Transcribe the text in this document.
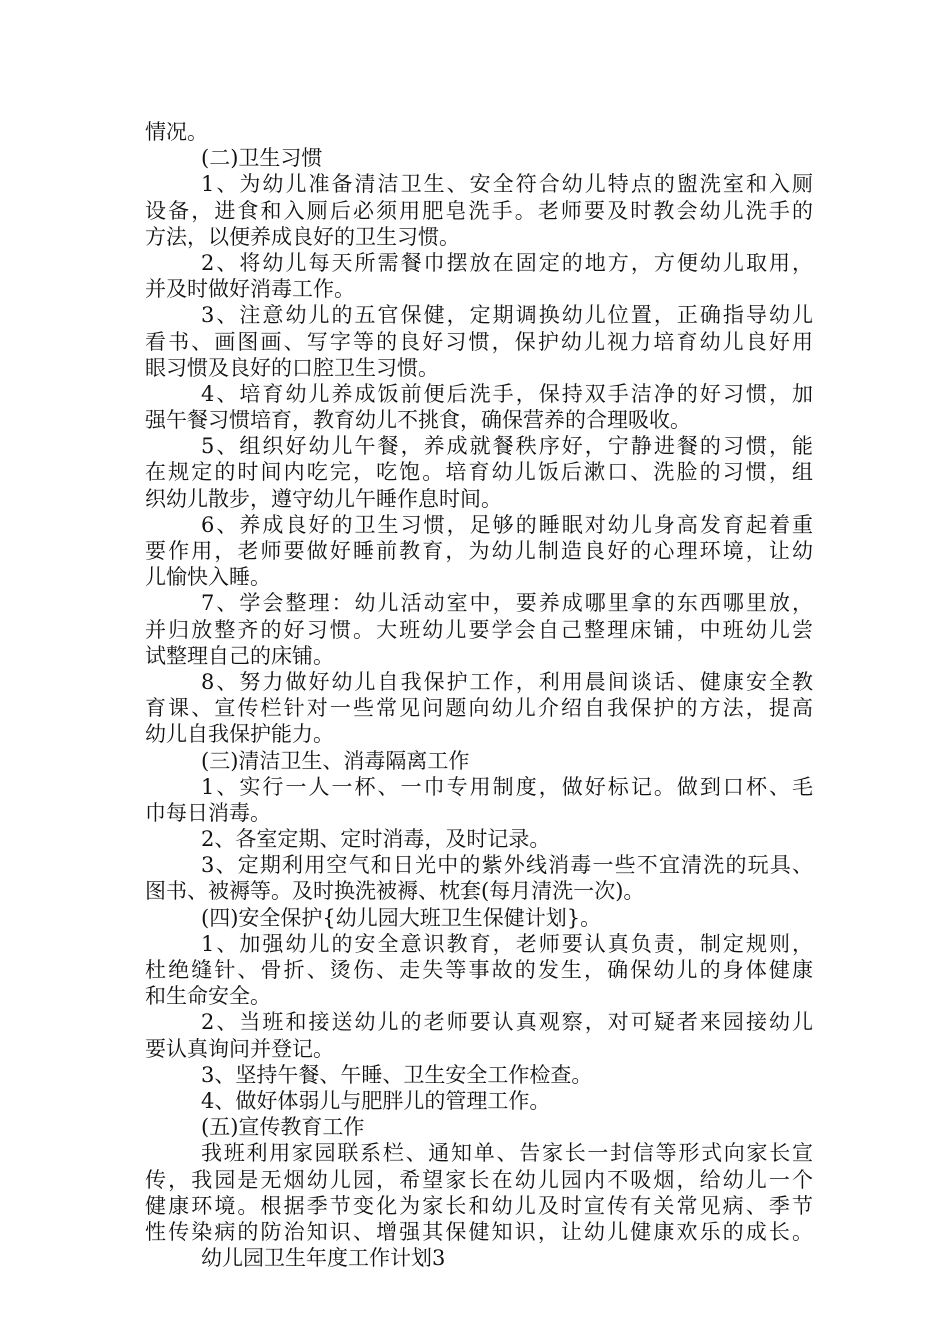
情况。
(二)卫生习惯
1、为幼儿准备清洁卫生、安全符合幼儿特点的盥洗室和入厕
设备，进食和入厕后必须用肥皂洗手。老师要及时教会幼儿洗手的
方法，以便养成良好的卫生习惯。
2、将幼儿每天所需餐巾摆放在固定的地方，方便幼儿取用，
并及时做好消毒工作。
3、注意幼儿的五官保健，定期调换幼儿位置，正确指导幼儿
看书、画图画、写字等的良好习惯，保护幼儿视力培育幼儿良好用
眼习惯及良好的口腔卫生习惯。
4、培育幼儿养成饭前便后洗手，保持双手洁净的好习惯，加
强午餐习惯培育，教育幼儿不挑食，确保营养的合理吸收。
5、组织好幼儿午餐，养成就餐秩序好，宁静进餐的习惯，能
在规定的时间内吃完，吃饱。培育幼儿饭后漱口、洗脸的习惯，组
织幼儿散步，遵守幼儿午睡作息时间。
6、养成良好的卫生习惯，足够的睡眠对幼儿身高发育起着重
要作用，老师要做好睡前教育，为幼儿制造良好的心理环境，让幼
儿愉快入睡。
7、学会整理：幼儿活动室中，要养成哪里拿的东西哪里放，
并归放整齐的好习惯。大班幼儿要学会自己整理床铺，中班幼儿尝
试整理自己的床铺。
8、努力做好幼儿自我保护工作，利用晨间谈话、健康安全教
育课、宣传栏针对一些常见问题向幼儿介绍自我保护的方法，提高
幼儿自我保护能力。
(三)清洁卫生、消毒隔离工作
1、实行一人一杯、一巾专用制度，做好标记。做到口杯、毛
巾每日消毒。
2、各室定期、定时消毒，及时记录。
3、定期利用空气和日光中的紫外线消毒一些不宜清洗的玩具、
图书、被褥等。及时换洗被褥、枕套(每月清洗一次)。
(四)安全保护{幼儿园大班卫生保健计划}。
1、加强幼儿的安全意识教育，老师要认真负责，制定规则，
杜绝缝针、骨折、烫伤、走失等事故的发生，确保幼儿的身体健康
和生命安全。
2、当班和接送幼儿的老师要认真观察，对可疑者来园接幼儿
要认真询问并登记。
3、坚持午餐、午睡、卫生安全工作检查。
4、做好体弱儿与肥胖儿的管理工作。
(五)宣传教育工作
我班利用家园联系栏、通知单、告家长一封信等形式向家长宣
传，我园是无烟幼儿园，希望家长在幼儿园内不吸烟，给幼儿一个
健康环境。根据季节变化为家长和幼儿及时宣传有关常见病、季节
性传染病的防治知识、增强其保健知识，让幼儿健康欢乐的成长。
幼儿园卫生年度工作计划3
